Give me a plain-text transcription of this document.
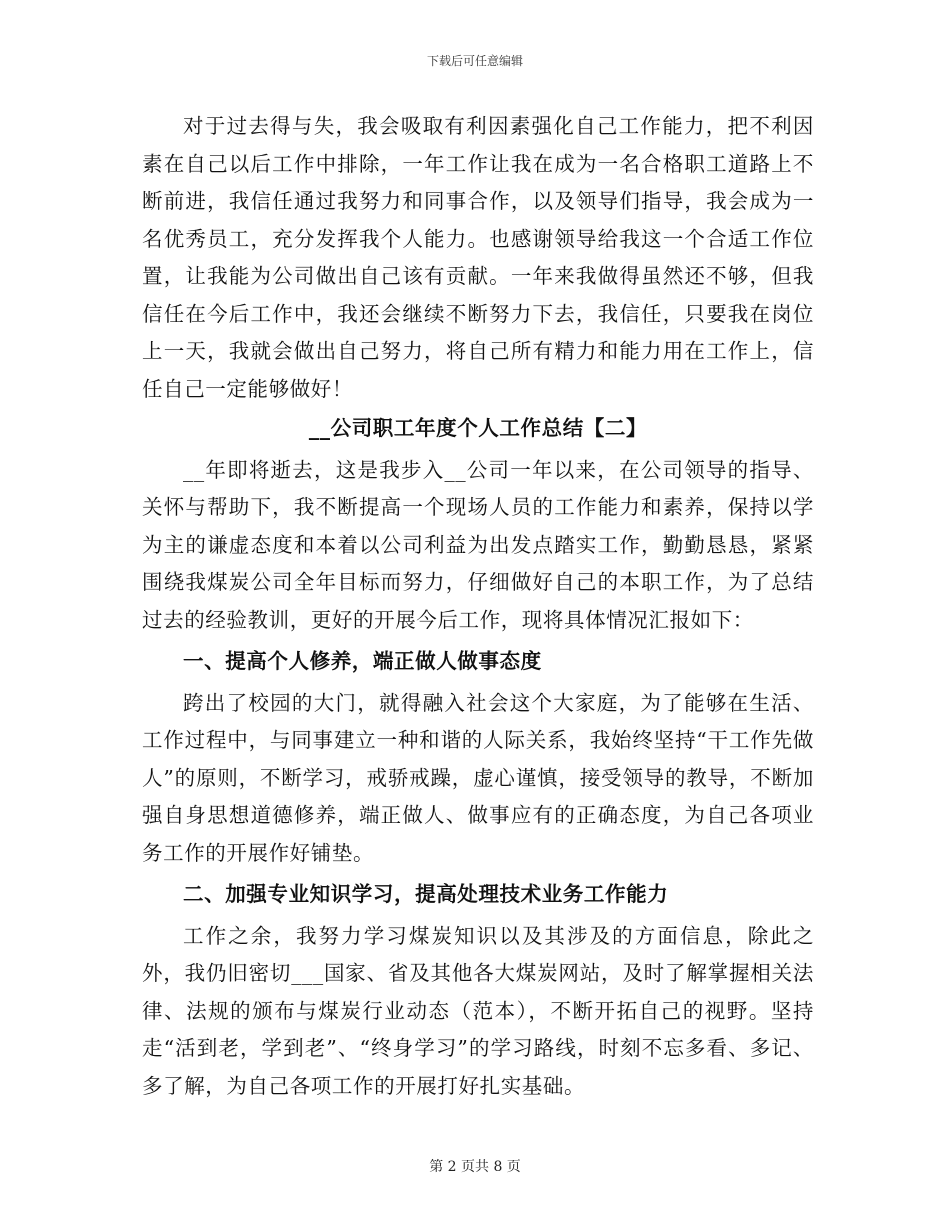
下载后可任意编辑

对于过去得与失，我会吸取有利因素强化自己工作能力，把不利因素在自己以后工作中排除，一年工作让我在成为一名合格职工道路上不断前进，我信任通过我努力和同事合作，以及领导们指导，我会成为一名优秀员工，充分发挥我个人能力。也感谢领导给我这一个合适工作位置，让我能为公司做出自己该有贡献。一年来我做得虽然还不够，但我信任在今后工作中，我还会继续不断努力下去，我信任，只要我在岗位上一天，我就会做出自己努力，将自己所有精力和能力用在工作上，信任自己一定能够做好！

__公司职工年度个人工作总结【二】

__年即将逝去，这是我步入__公司一年以来，在公司领导的指导、关怀与帮助下，我不断提高一个现场人员的工作能力和素养，保持以学为主的谦虚态度和本着以公司利益为出发点踏实工作，勤勤恳恳，紧紧围绕我煤炭公司全年目标而努力，仔细做好自己的本职工作，为了总结过去的经验教训，更好的开展今后工作，现将具体情况汇报如下：

一、提高个人修养，端正做人做事态度

跨出了校园的大门，就得融入社会这个大家庭，为了能够在生活、工作过程中，与同事建立一种和谐的人际关系，我始终坚持“干工作先做人”的原则，不断学习，戒骄戒躁，虚心谨慎，接受领导的教导，不断加强自身思想道德修养，端正做人、做事应有的正确态度，为自己各项业务工作的开展作好铺垫。

二、加强专业知识学习，提高处理技术业务工作能力

工作之余，我努力学习煤炭知识以及其涉及的方面信息，除此之外，我仍旧密切___国家、省及其他各大煤炭网站，及时了解掌握相关法律、法规的颁布与煤炭行业动态（范本），不断开拓自己的视野。坚持走“活到老，学到老”、“终身学习”的学习路线，时刻不忘多看、多记、多了解，为自己各项工作的开展打好扎实基础。

第 2 页共 8 页
